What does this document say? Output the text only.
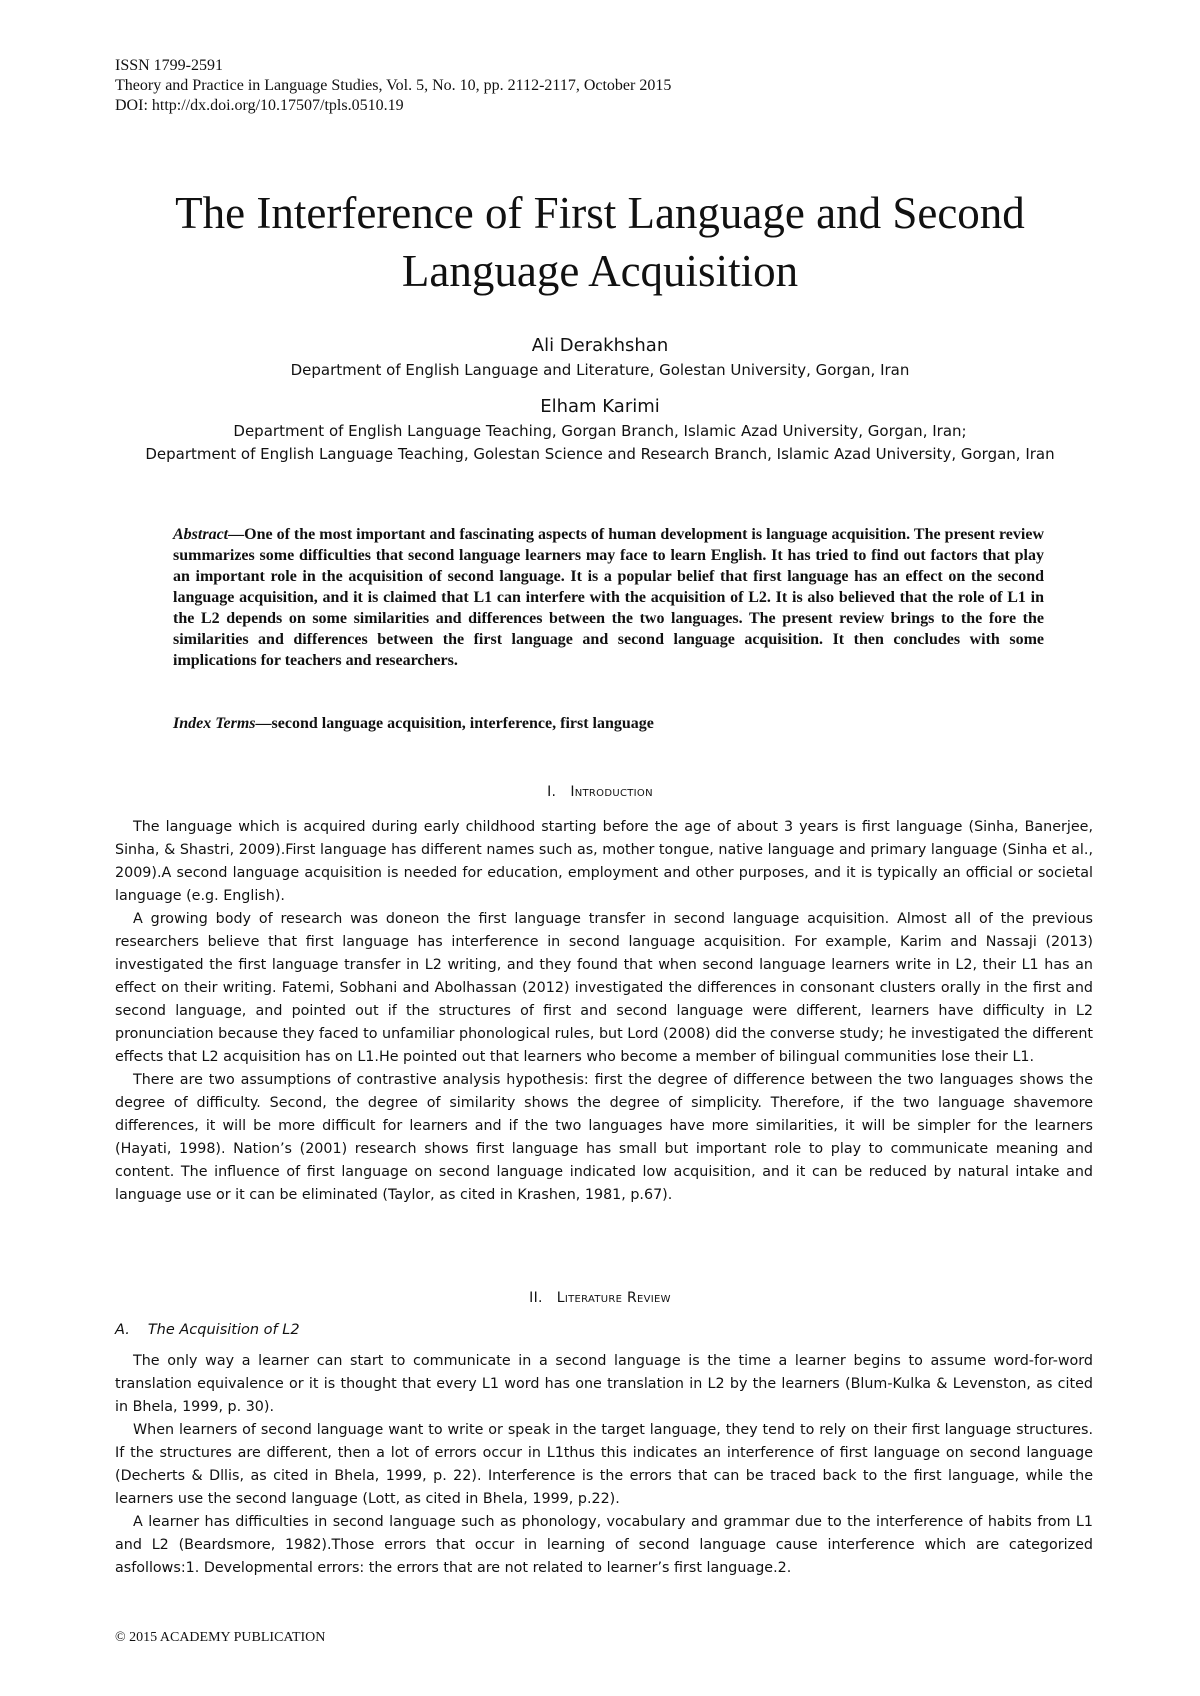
ISSN 1799-2591
Theory and Practice in Language Studies, Vol. 5, No. 10, pp. 2112-2117, October 2015
DOI: http://dx.doi.org/10.17507/tpls.0510.19
The Interference of First Language and Second
Language Acquisition
Ali Derakhshan
Department of English Language and Literature, Golestan University, Gorgan, Iran
Elham Karimi
Department of English Language Teaching, Gorgan Branch, Islamic Azad University, Gorgan, Iran;
Department of English Language Teaching, Golestan Science and Research Branch, Islamic Azad University, Gorgan, Iran

Abstract—One of the most important and fascinating aspects of human development is language acquisition. The present review summarizes some difficulties that second language learners may face to learn English. It has tried to find out factors that play an important role in the acquisition of second language. It is a popular belief that first language has an effect on the second language acquisition, and it is claimed that L1 can interfere with the acquisition of L2. It is also believed that the role of L1 in the L2 depends on some similarities and differences between the two languages. The present review brings to the fore the similarities and differences between the first language and second language acquisition. It then concludes with some implications for teachers and researchers.

Index Terms—second language acquisition, interference, first language

I. Introduction

The language which is acquired during early childhood starting before the age of about 3 years is first language (Sinha, Banerjee, Sinha, & Shastri, 2009).First language has different names such as, mother tongue, native language and primary language (Sinha et al., 2009).A second language acquisition is needed for education, employment and other purposes, and it is typically an official or societal language (e.g. English).

A growing body of research was doneon the first language transfer in second language acquisition. Almost all of the previous researchers believe that first language has interference in second language acquisition. For example, Karim and Nassaji (2013) investigated the first language transfer in L2 writing, and they found that when second language learners write in L2, their L1 has an effect on their writing. Fatemi, Sobhani and Abolhassan (2012) investigated the differences in consonant clusters orally in the first and second language, and pointed out if the structures of first and second language were different, learners have difficulty in L2 pronunciation because they faced to unfamiliar phonological rules, but Lord (2008) did the converse study; he investigated the different effects that L2 acquisition has on L1.He pointed out that learners who become a member of bilingual communities lose their L1.

There are two assumptions of contrastive analysis hypothesis: first the degree of difference between the two languages shows the degree of difficulty. Second, the degree of similarity shows the degree of simplicity. Therefore, if the two language shavemore differences, it will be more difficult for learners and if the two languages have more similarities, it will be simpler for the learners (Hayati, 1998). Nation’s (2001) research shows first language has small but important role to play to communicate meaning and content. The influence of first language on second language indicated low acquisition, and it can be reduced by natural intake and language use or it can be eliminated (Taylor, as cited in Krashen, 1981, p.67).

II. Literature Review
A. The Acquisition of L2

The only way a learner can start to communicate in a second language is the time a learner begins to assume word-for-word translation equivalence or it is thought that every L1 word has one translation in L2 by the learners (Blum-Kulka & Levenston, as cited in Bhela, 1999, p. 30).

When learners of second language want to write or speak in the target language, they tend to rely on their first language structures. If the structures are different, then a lot of errors occur in L1thus this indicates an interference of first language on second language (Decherts & Dllis, as cited in Bhela, 1999, p. 22). Interference is the errors that can be traced back to the first language, while the learners use the second language (Lott, as cited in Bhela, 1999, p.22).

A learner has difficulties in second language such as phonology, vocabulary and grammar due to the interference of habits from L1 and L2 (Beardsmore, 1982).Those errors that occur in learning of second language cause interference which are categorized asfollows:1. Developmental errors: the errors that are not related to learner’s first language.2.

© 2015 ACADEMY PUBLICATION
